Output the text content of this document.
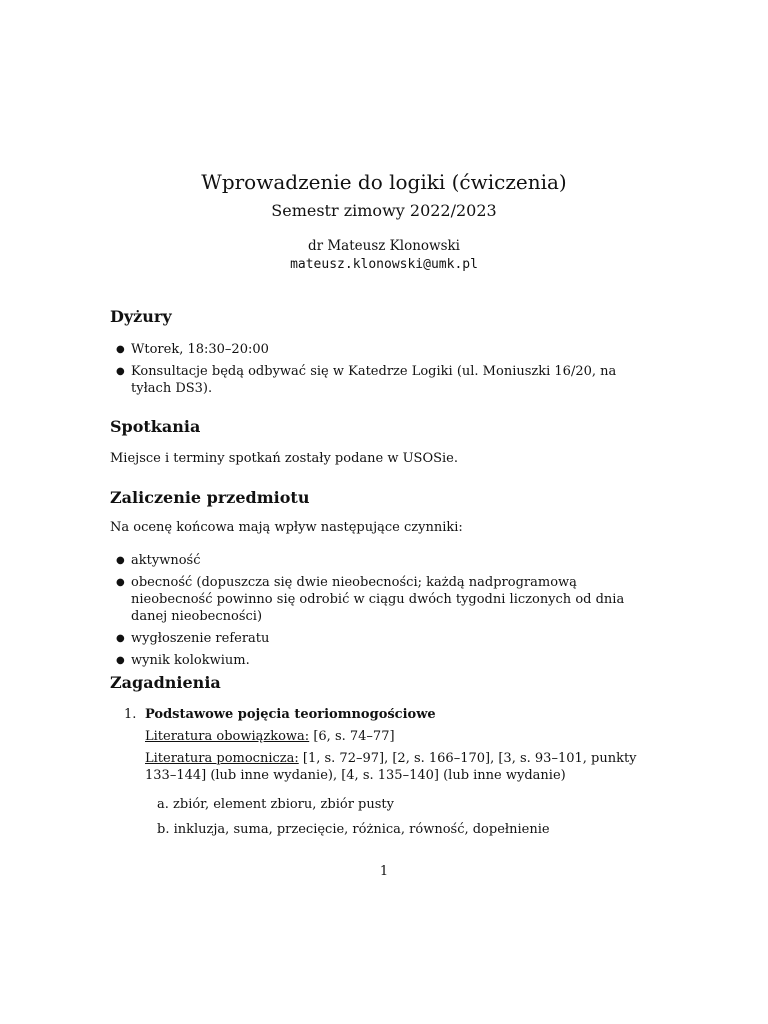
Wprowadzenie do logiki (ćwiczenia)
Semestr zimowy 2022/2023
dr Mateusz Klonowski
mateusz.klonowski@umk.pl
Dyżury
● Wtorek, 18:30–20:00
● Konsultacje będą odbywać się w Katedrze Logiki (ul. Moniuszki 16/20, na tyłach DS3).
Spotkania

Miejsce i terminy spotkań zostały podane w USOSie.

Zaliczenie przedmiotu

Na ocenę końcowa mają wpływ następujące czynniki:

● aktywność
● obecność (dopuszcza się dwie nieobecności; każdą nadprogramową nieobecność powinno się odrobić w ciągu dwóch tygodni liczonych od dnia danej nieobecności)
● wygłoszenie referatu
● wynik kolokwium.
Zagadnienia
1. Podstawowe pojęcia teoriomnogościowe
Literatura obowiązkowa: [6, s. 74–77]
Literatura pomocnicza: [1, s. 72–97], [2, s. 166–170], [3, s. 93–101, punkty 133–144] (lub inne wydanie), [4, s. 135–140] (lub inne wydanie)
a. zbiór, element zbioru, zbiór pusty
b. inkluzja, suma, przecięcie, różnica, równość, dopełnienie
1
